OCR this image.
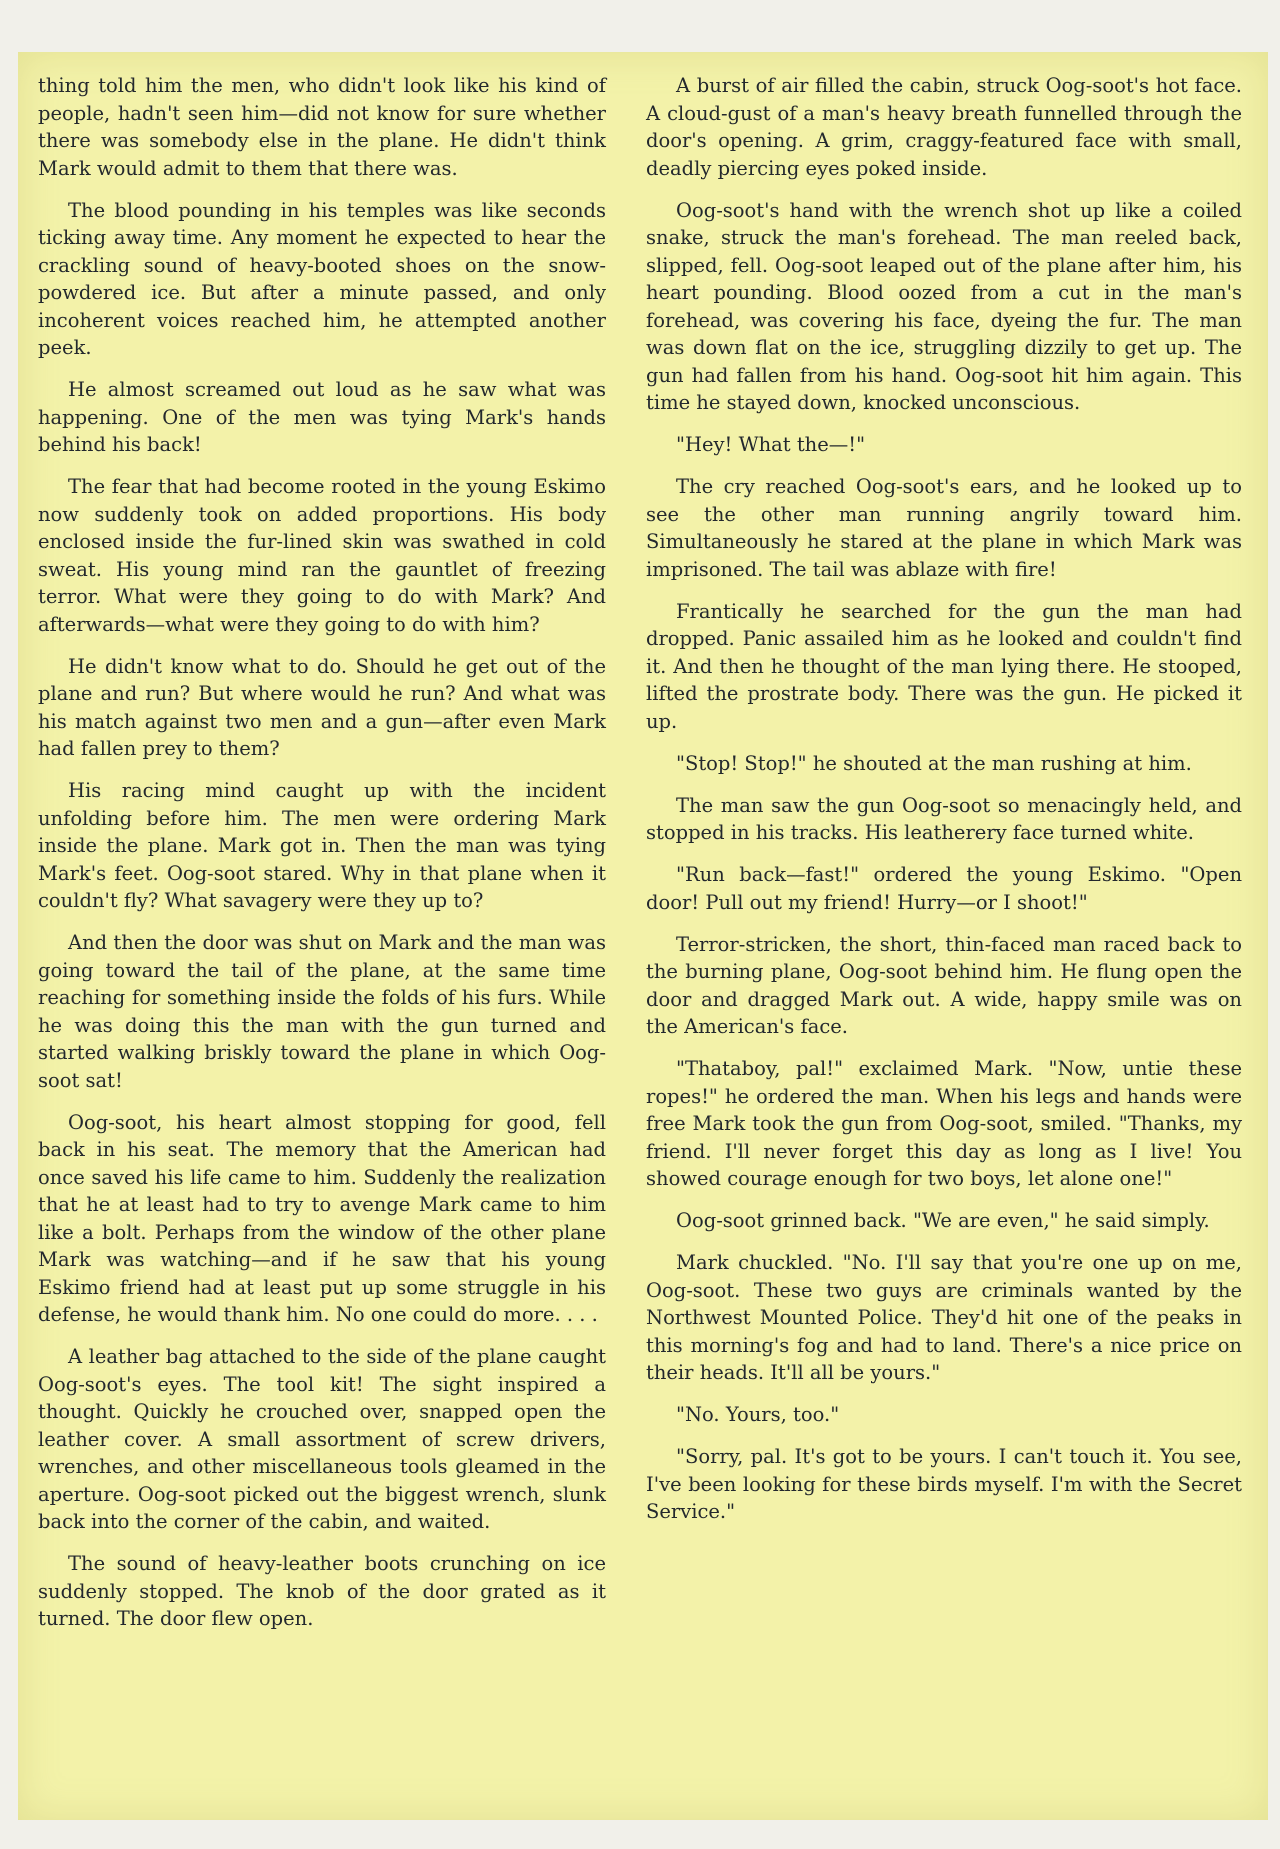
thing told him the men, who didn't look like his kind of people, hadn't seen him—did not know for sure whether there was somebody else in the plane. He didn't think Mark would admit to them that there was.

The blood pounding in his temples was like seconds ticking away time. Any moment he expected to hear the crackling sound of heavy-booted shoes on the snow-powdered ice. But after a minute passed, and only incoherent voices reached him, he attempted another peek.

He almost screamed out loud as he saw what was happening. One of the men was tying Mark's hands behind his back!

The fear that had become rooted in the young Eskimo now suddenly took on added proportions. His body enclosed inside the fur-lined skin was swathed in cold sweat. His young mind ran the gauntlet of freezing terror. What were they going to do with Mark? And afterwards—what were they going to do with him?

He didn't know what to do. Should he get out of the plane and run? But where would he run? And what was his match against two men and a gun—after even Mark had fallen prey to them?

His racing mind caught up with the incident unfolding before him. The men were ordering Mark inside the plane. Mark got in. Then the man was tying Mark's feet. Oog-soot stared. Why in that plane when it couldn't fly? What savagery were they up to?

And then the door was shut on Mark and the man was going toward the tail of the plane, at the same time reaching for something inside the folds of his furs. While he was doing this the man with the gun turned and started walking briskly toward the plane in which Oog-soot sat!

Oog-soot, his heart almost stopping for good, fell back in his seat. The memory that the American had once saved his life came to him. Suddenly the realization that he at least had to try to avenge Mark came to him like a bolt. Perhaps from the window of the other plane Mark was watching—and if he saw that his young Eskimo friend had at least put up some struggle in his defense, he would thank him. No one could do more. . . .

A leather bag attached to the side of the plane caught Oog-soot's eyes. The tool kit! The sight inspired a thought. Quickly he crouched over, snapped open the leather cover. A small assortment of screw drivers, wrenches, and other miscellaneous tools gleamed in the aperture. Oog-soot picked out the biggest wrench, slunk back into the corner of the cabin, and waited.

The sound of heavy-leather boots crunching on ice suddenly stopped. The knob of the door grated as it turned. The door flew open.

A burst of air filled the cabin, struck Oog-soot's hot face. A cloud-gust of a man's heavy breath funnelled through the door's opening. A grim, craggy-featured face with small, deadly piercing eyes poked inside.

Oog-soot's hand with the wrench shot up like a coiled snake, struck the man's forehead. The man reeled back, slipped, fell. Oog-soot leaped out of the plane after him, his heart pounding. Blood oozed from a cut in the man's forehead, was covering his face, dyeing the fur. The man was down flat on the ice, struggling dizzily to get up. The gun had fallen from his hand. Oog-soot hit him again. This time he stayed down, knocked unconscious.

"Hey! What the—!"

The cry reached Oog-soot's ears, and he looked up to see the other man running angrily toward him. Simultaneously he stared at the plane in which Mark was imprisoned. The tail was ablaze with fire!

Frantically he searched for the gun the man had dropped. Panic assailed him as he looked and couldn't find it. And then he thought of the man lying there. He stooped, lifted the prostrate body. There was the gun. He picked it up.

"Stop! Stop!" he shouted at the man rushing at him.

The man saw the gun Oog-soot so menacingly held, and stopped in his tracks. His leatherery face turned white.

"Run back—fast!" ordered the young Eskimo. "Open door! Pull out my friend! Hurry—or I shoot!"

Terror-stricken, the short, thin-faced man raced back to the burning plane, Oog-soot behind him. He flung open the door and dragged Mark out. A wide, happy smile was on the American's face.

"Thataboy, pal!" exclaimed Mark. "Now, untie these ropes!" he ordered the man. When his legs and hands were free Mark took the gun from Oog-soot, smiled. "Thanks, my friend. I'll never forget this day as long as I live! You showed courage enough for two boys, let alone one!"

Oog-soot grinned back. "We are even," he said simply.

Mark chuckled. "No. I'll say that you're one up on me, Oog-soot. These two guys are criminals wanted by the Northwest Mounted Police. They'd hit one of the peaks in this morning's fog and had to land. There's a nice price on their heads. It'll all be yours."

"No. Yours, too."

"Sorry, pal. It's got to be yours. I can't touch it. You see, I've been looking for these birds myself. I'm with the Secret Service."
